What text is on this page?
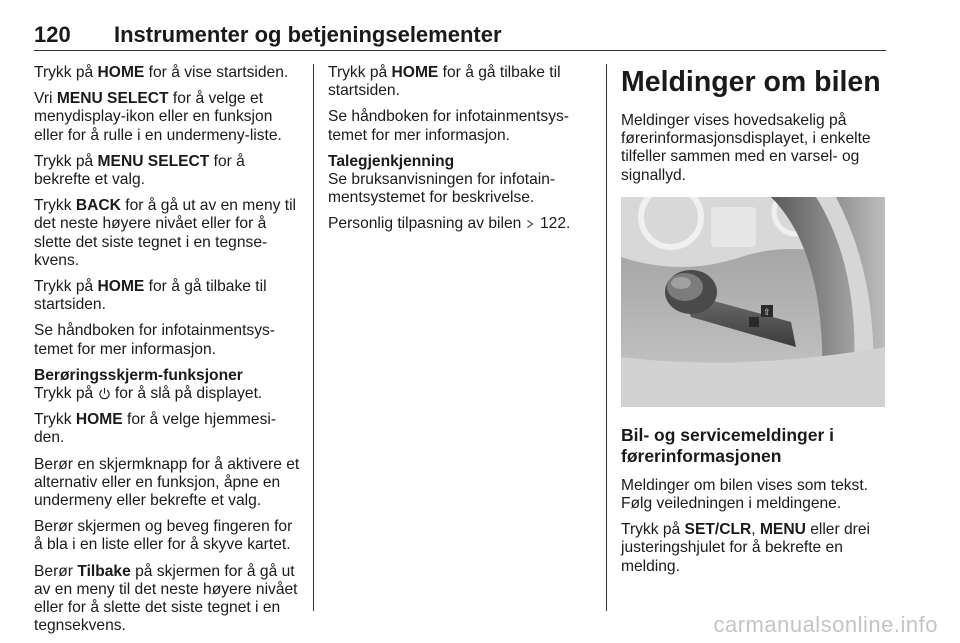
120 Instrumenter og betjeningselementer

Trykk på HOME for å vise startsiden.

Vri MENU SELECT for å velge et menydisplay-ikon eller en funksjon eller for å rulle i en undermeny-liste.

Trykk på MENU SELECT for å bekrefte et valg.

Trykk BACK for å gå ut av en meny til det neste høyere nivået eller for å slette det siste tegnet i en tegnse-kvens.

Trykk på HOME for å gå tilbake til startsiden.

Se håndboken for infotainmentsys-temet for mer informasjon.

Berøringsskjerm-funksjoner

Trykk på  for å slå på displayet.

Trykk HOME for å velge hjemmesi-den.

Berør en skjermknapp for å aktivere et alternativ eller en funksjon, åpne en undermeny eller bekrefte et valg.

Berør skjermen og beveg fingeren for å bla i en liste eller for å skyve kartet.

Berør Tilbake på skjermen for å gå ut av en meny til det neste høyere nivået eller for å slette det siste tegnet i en tegnsekvens.

Trykk på HOME for å gå tilbake til startsiden.

Se håndboken for infotainmentsys-temet for mer informasjon.

Talegjenkjenning

Se bruksanvisningen for infotain-mentsystemet for beskrivelse.

Personlig tilpasning av bilen  122.

Meldinger om bilen

Meldinger vises hovedsakelig på førerinformasjonsdisplayet, i enkelte tilfeller sammen med en varsel- og signallyd.

⇧
Bil- og servicemeldinger i førerinformasjonen

Meldinger om bilen vises som tekst. Følg veiledningen i meldingene.

Trykk på SET/CLR, MENU eller drei justeringshjulet for å bekrefte en melding.

carmanualsonline.info
